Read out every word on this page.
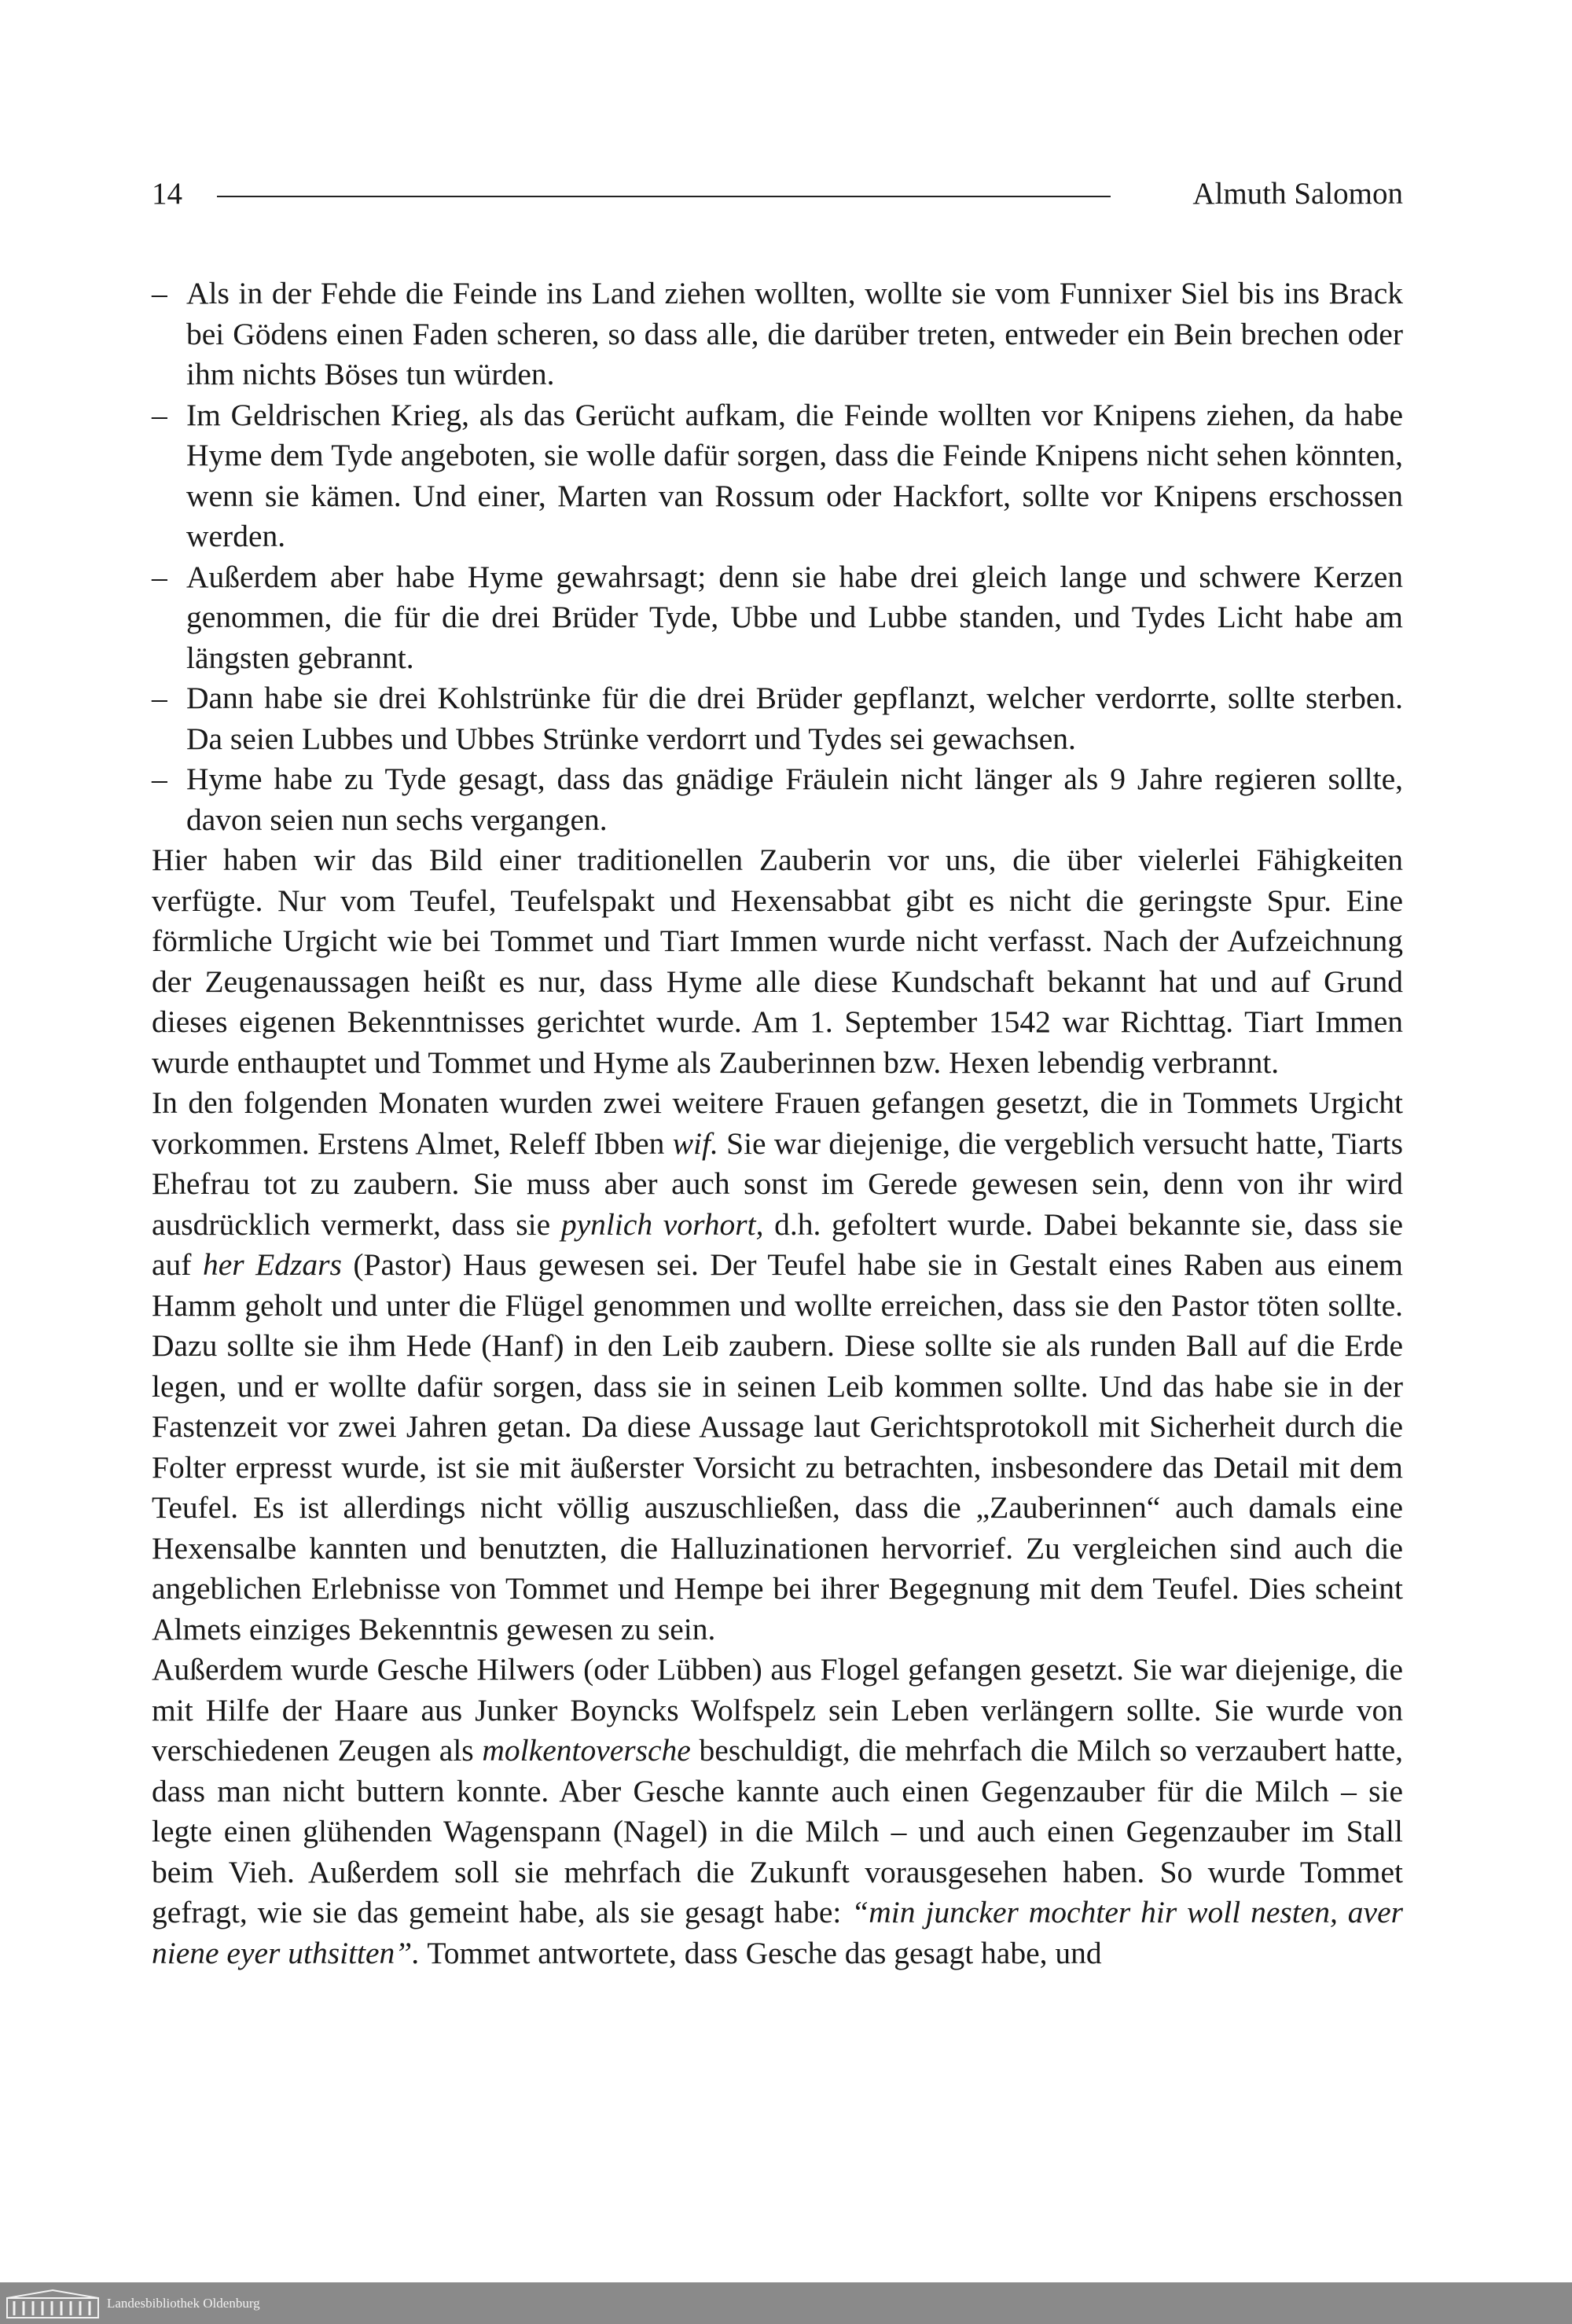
14	Almuth Salomon
– Als in der Fehde die Feinde ins Land ziehen wollten, wollte sie vom Funnixer Siel bis ins Brack bei Gödens einen Faden scheren, so dass alle, die darüber treten, entweder ein Bein brechen oder ihm nichts Böses tun würden.
– Im Geldrischen Krieg, als das Gerücht aufkam, die Feinde wollten vor Knipens ziehen, da habe Hyme dem Tyde angeboten, sie wolle dafür sorgen, dass die Feinde Knipens nicht sehen könnten, wenn sie kämen. Und einer, Marten van Rossum oder Hackfort, sollte vor Knipens erschossen werden.
– Außerdem aber habe Hyme gewahrsagt; denn sie habe drei gleich lange und schwere Kerzen genommen, die für die drei Brüder Tyde, Ubbe und Lubbe standen, und Tydes Licht habe am längsten gebrannt.
– Dann habe sie drei Kohlstrünke für die drei Brüder gepflanzt, welcher verdorrte, sollte sterben. Da seien Lubbes und Ubbes Strünke verdorrt und Tydes sei gewachsen.
– Hyme habe zu Tyde gesagt, dass das gnädige Fräulein nicht länger als 9 Jahre regieren sollte, davon seien nun sechs vergangen.

Hier haben wir das Bild einer traditionellen Zauberin vor uns, die über vielerlei Fähigkeiten verfügte. Nur vom Teufel, Teufelspakt und Hexensabbat gibt es nicht die geringste Spur. Eine förmliche Urgicht wie bei Tommet und Tiart Immen wurde nicht verfasst. Nach der Aufzeichnung der Zeugenaussagen heißt es nur, dass Hyme alle diese Kundschaft bekannt hat und auf Grund dieses eigenen Bekenntnisses gerichtet wurde. Am 1. September 1542 war Richttag. Tiart Immen wurde enthauptet und Tommet und Hyme als Zauberinnen bzw. Hexen lebendig verbrannt.

In den folgenden Monaten wurden zwei weitere Frauen gefangen gesetzt, die in Tommets Urgicht vorkommen. Erstens Almet, Releff Ibben wif. Sie war diejenige, die vergeblich versucht hatte, Tiarts Ehefrau tot zu zaubern. Sie muss aber auch sonst im Gerede gewesen sein, denn von ihr wird ausdrücklich vermerkt, dass sie pynlich vorhort, d.h. gefoltert wurde. Dabei bekannte sie, dass sie auf her Edzars (Pastor) Haus gewesen sei. Der Teufel habe sie in Gestalt eines Raben aus einem Hamm geholt und unter die Flügel genommen und wollte erreichen, dass sie den Pastor töten sollte. Dazu sollte sie ihm Hede (Hanf) in den Leib zaubern. Diese sollte sie als runden Ball auf die Erde legen, und er wollte dafür sorgen, dass sie in seinen Leib kommen sollte. Und das habe sie in der Fastenzeit vor zwei Jahren getan. Da diese Aussage laut Gerichtsprotokoll mit Sicherheit durch die Folter erpresst wurde, ist sie mit äußerster Vorsicht zu betrachten, insbesondere das Detail mit dem Teufel. Es ist allerdings nicht völlig auszuschließen, dass die „Zauberinnen“ auch damals eine Hexensalbe kannten und benutzten, die Halluzinationen hervorrief. Zu vergleichen sind auch die angeblichen Erlebnisse von Tommet und Hempe bei ihrer Begegnung mit dem Teufel. Dies scheint Almets einziges Bekenntnis gewesen zu sein.

Außerdem wurde Gesche Hilwers (oder Lübben) aus Flogel gefangen gesetzt. Sie war diejenige, die mit Hilfe der Haare aus Junker Boyncks Wolfspelz sein Leben verlängern sollte. Sie wurde von verschiedenen Zeugen als molkentoversche beschuldigt, die mehrfach die Milch so verzaubert hatte, dass man nicht buttern konnte. Aber Gesche kannte auch einen Gegenzauber für die Milch – sie legte einen glühenden Wagenspann (Nagel) in die Milch – und auch einen Gegenzauber im Stall beim Vieh. Außerdem soll sie mehrfach die Zukunft vorausgesehen haben. So wurde Tommet gefragt, wie sie das gemeint habe, als sie gesagt habe: “min juncker mochter hir woll nesten, aver niene eyer uthsitten”. Tommet antwortete, dass Gesche das gesagt habe, und

Landesbibliothek Oldenburg
